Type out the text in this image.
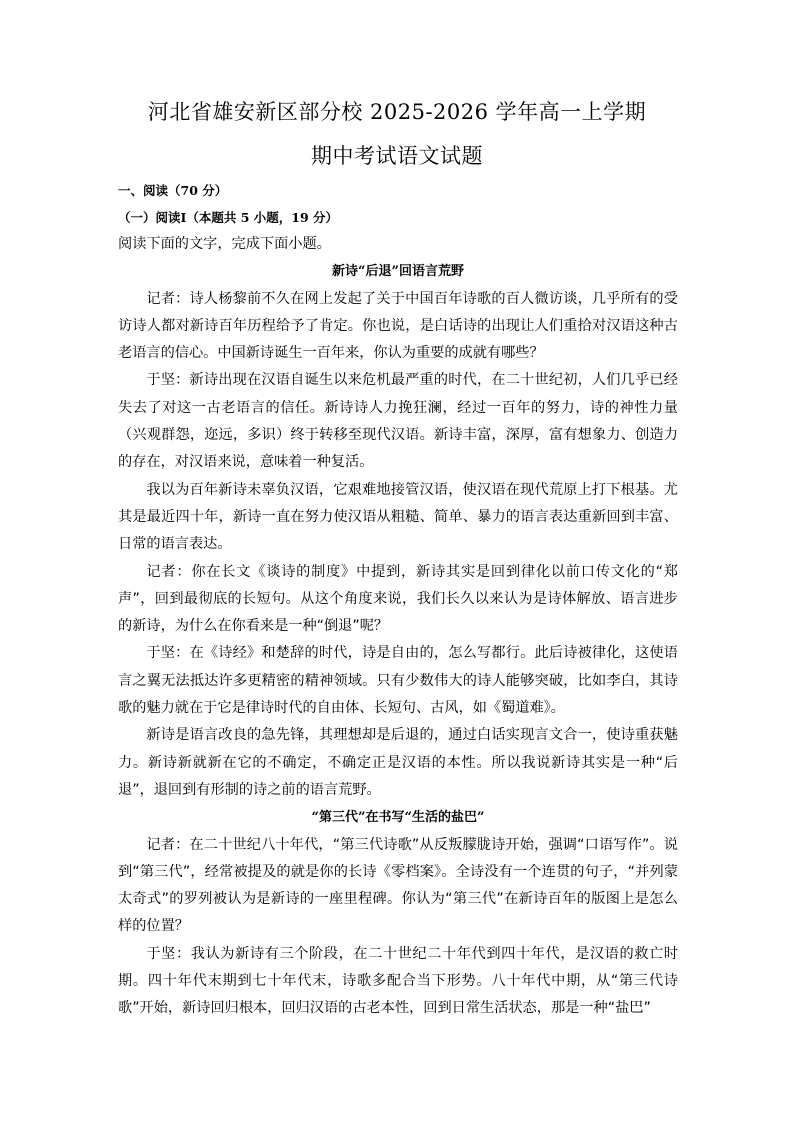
河北省雄安新区部分校 2025-2026 学年高一上学期
期中考试语文试题
一、阅读（70 分）
（一）阅读Ⅰ（本题共 5 小题，19 分）

阅读下面的文字，完成下面小题。

新诗“后退”回语言荒野

记者：诗人杨黎前不久在网上发起了关于中国百年诗歌的百人微访谈，几乎所有的受访诗人都对新诗百年历程给予了肯定。你也说，是白话诗的出现让人们重拾对汉语这种古老语言的信心。中国新诗诞生一百年来，你认为重要的成就有哪些？

于坚：新诗出现在汉语自诞生以来危机最严重的时代，在二十世纪初，人们几乎已经失去了对这一古老语言的信任。新诗诗人力挽狂澜，经过一百年的努力，诗的神性力量（兴观群怨，迩远，多识）终于转移至现代汉语。新诗丰富，深厚，富有想象力、创造力的存在，对汉语来说，意味着一种复活。

我以为百年新诗未辜负汉语，它艰难地接管汉语，使汉语在现代荒原上打下根基。尤其是最近四十年，新诗一直在努力使汉语从粗糙、简单、暴力的语言表达重新回到丰富、日常的语言表达。

记者：你在长文《谈诗的制度》中提到，新诗其实是回到律化以前口传文化的“郑声”，回到最彻底的长短句。从这个角度来说，我们长久以来认为是诗体解放、语言进步的新诗，为什么在你看来是一种“倒退”呢？

于坚：在《诗经》和楚辞的时代，诗是自由的，怎么写都行。此后诗被律化，这使语言之翼无法抵达许多更精密的精神领域。只有少数伟大的诗人能够突破，比如李白，其诗歌的魅力就在于它是律诗时代的自由体、长短句、古风，如《蜀道难》。

新诗是语言改良的急先锋，其理想却是后退的，通过白话实现言文合一，使诗重获魅力。新诗新就新在它的不确定，不确定正是汉语的本性。所以我说新诗其实是一种“后退”，退回到有形制的诗之前的语言荒野。

“第三代”在书写“生活的盐巴”

记者：在二十世纪八十年代，“第三代诗歌”从反叛朦胧诗开始，强调“口语写作”。说到“第三代”，经常被提及的就是你的长诗《零档案》。全诗没有一个连贯的句子，“并列蒙太奇式”的罗列被认为是新诗的一座里程碑。你认为“第三代”在新诗百年的版图上是怎么样的位置？

于坚：我认为新诗有三个阶段，在二十世纪二十年代到四十年代，是汉语的救亡时期。四十年代末期到七十年代末，诗歌多配合当下形势。八十年代中期，从“第三代诗歌”开始，新诗回归根本，回归汉语的古老本性，回到日常生活状态，那是一种“盐巴”
